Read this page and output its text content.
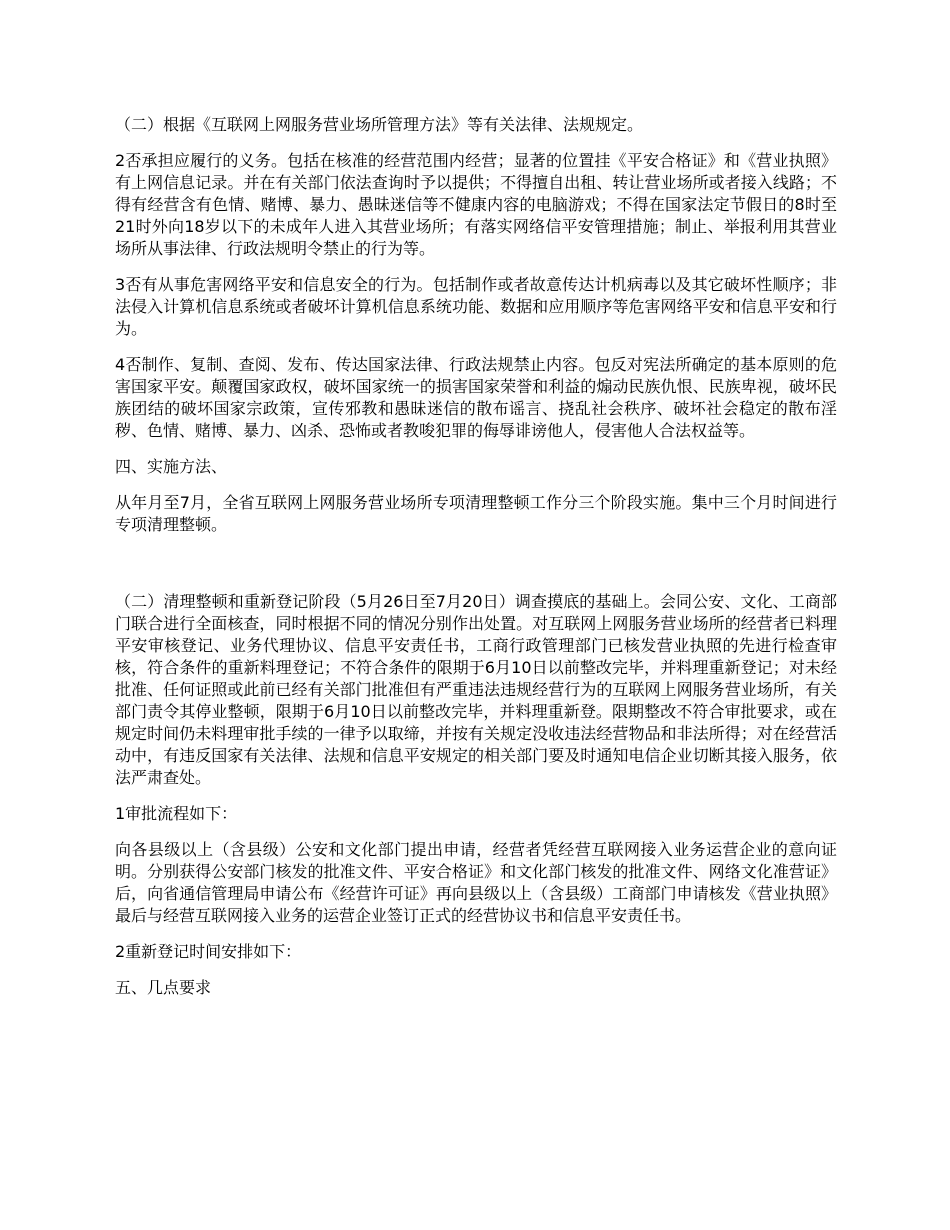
（二）根据《互联网上网服务营业场所管理方法》等有关法律、法规规定。

2否承担应履行的义务。包括在核准的经营范围内经营；显著的位置挂《平安合格证》和《营业执照》有上网信息记录。并在有关部门依法查询时予以提供；不得擅自出租、转让营业场所或者接入线路；不得有经营含有色情、赌博、暴力、愚昧迷信等不健康内容的电脑游戏；不得在国家法定节假日的8时至21时外向18岁以下的未成年人进入其营业场所；有落实网络信平安管理措施；制止、举报利用其营业场所从事法律、行政法规明令禁止的行为等。

3否有从事危害网络平安和信息安全的行为。包括制作或者故意传达计机病毒以及其它破坏性顺序；非法侵入计算机信息系统或者破坏计算机信息系统功能、数据和应用顺序等危害网络平安和信息平安和行为。

4否制作、复制、查阅、发布、传达国家法律、行政法规禁止内容。包反对宪法所确定的基本原则的危害国家平安。颠覆国家政权，破坏国家统一的损害国家荣誉和利益的煽动民族仇恨、民族卑视，破坏民族团结的破坏国家宗政策，宣传邪教和愚昧迷信的散布谣言、挠乱社会秩序、破坏社会稳定的散布淫秽、色情、赌博、暴力、凶杀、恐怖或者教唆犯罪的侮辱诽谤他人，侵害他人合法权益等。

四、实施方法、

从年月至7月，全省互联网上网服务营业场所专项清理整顿工作分三个阶段实施。集中三个月时间进行专项清理整顿。

（二）清理整顿和重新登记阶段（5月26日至7月20日）调查摸底的基础上。会同公安、文化、工商部门联合进行全面核查，同时根据不同的情况分别作出处置。对互联网上网服务营业场所的经营者已料理平安审核登记、业务代理协议、信息平安责任书，工商行政管理部门已核发营业执照的先进行检查审核，符合条件的重新料理登记；不符合条件的限期于6月10日以前整改完毕，并料理重新登记；对未经批准、任何证照或此前已经有关部门批准但有严重违法违规经营行为的互联网上网服务营业场所，有关部门责令其停业整顿，限期于6月10日以前整改完毕，并料理重新登。限期整改不符合审批要求，或在规定时间仍未料理审批手续的一律予以取缔，并按有关规定没收违法经营物品和非法所得；对在经营活动中，有违反国家有关法律、法规和信息平安规定的相关部门要及时通知电信企业切断其接入服务，依法严肃查处。

1审批流程如下：

向各县级以上（含县级）公安和文化部门提出申请，经营者凭经营互联网接入业务运营企业的意向证明。分别获得公安部门核发的批准文件、平安合格证》和文化部门核发的批准文件、网络文化准营证》后，向省通信管理局申请公布《经营许可证》再向县级以上（含县级）工商部门申请核发《营业执照》最后与经营互联网接入业务的运营企业签订正式的经营协议书和信息平安责任书。

2重新登记时间安排如下：

五、几点要求
